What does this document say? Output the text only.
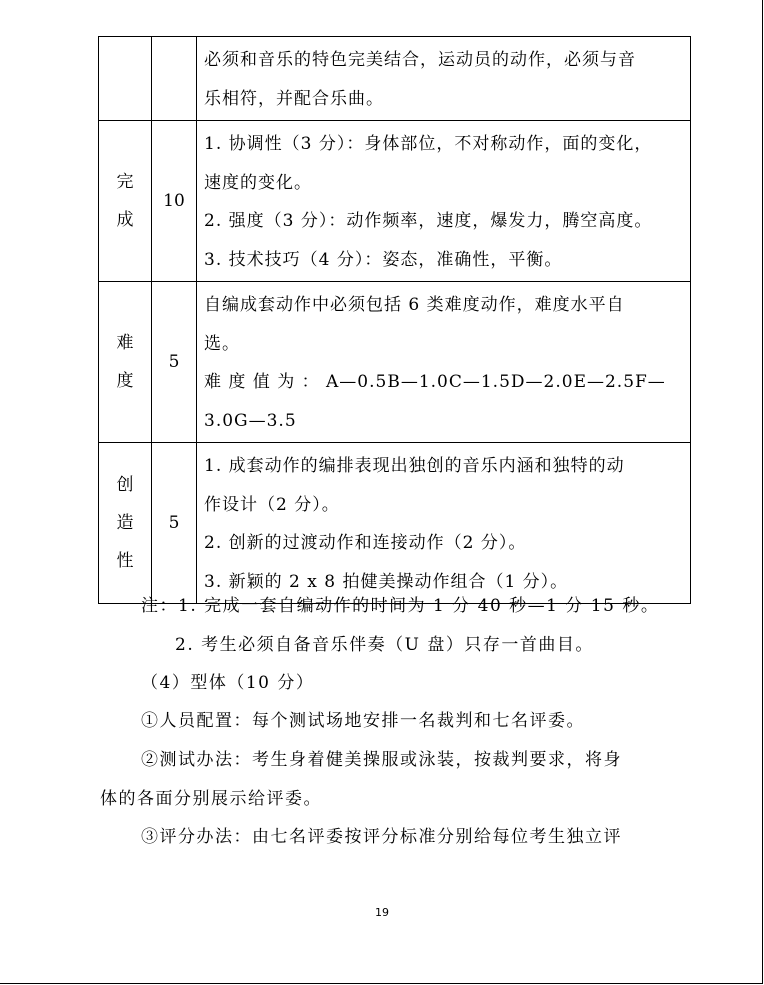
		必须和音乐的特色完美结合，运动员的动作，必须与音
乐相符，并配合乐曲。

完
成	10	1. 协调性（3 分）：身体部位，不对称动作，面的变化，
速度的变化。
2. 强度（3 分）：动作频率，速度，爆发力，腾空高度。
3. 技术技巧（4 分）：姿态，准确性，平衡。

难
度	5	自编成套动作中必须包括 6 类难度动作，难度水平自
选。
难 度 值 为 ： A—0.5B—1.0C—1.5D—2.0E—2.5F—
3.0G—3.5

创
造
性	5	1. 成套动作的编排表现出独创的音乐内涵和独特的动
作设计（2 分）。
2. 创新的过渡动作和连接动作（2 分）。
3. 新颖的 2 x 8 拍健美操动作组合（1 分）。
注：1. 完成一套自编动作的时间为 1 分 40 秒—1 分 15 秒。
2. 考生必须自备音乐伴奏（U 盘）只存一首曲目。
（4）型体（10 分）
①人员配置：每个测试场地安排一名裁判和七名评委。
②测试办法：考生身着健美操服或泳装，按裁判要求，将身
体的各面分别展示给评委。
③评分办法：由七名评委按评分标准分别给每位考生独立评
19
